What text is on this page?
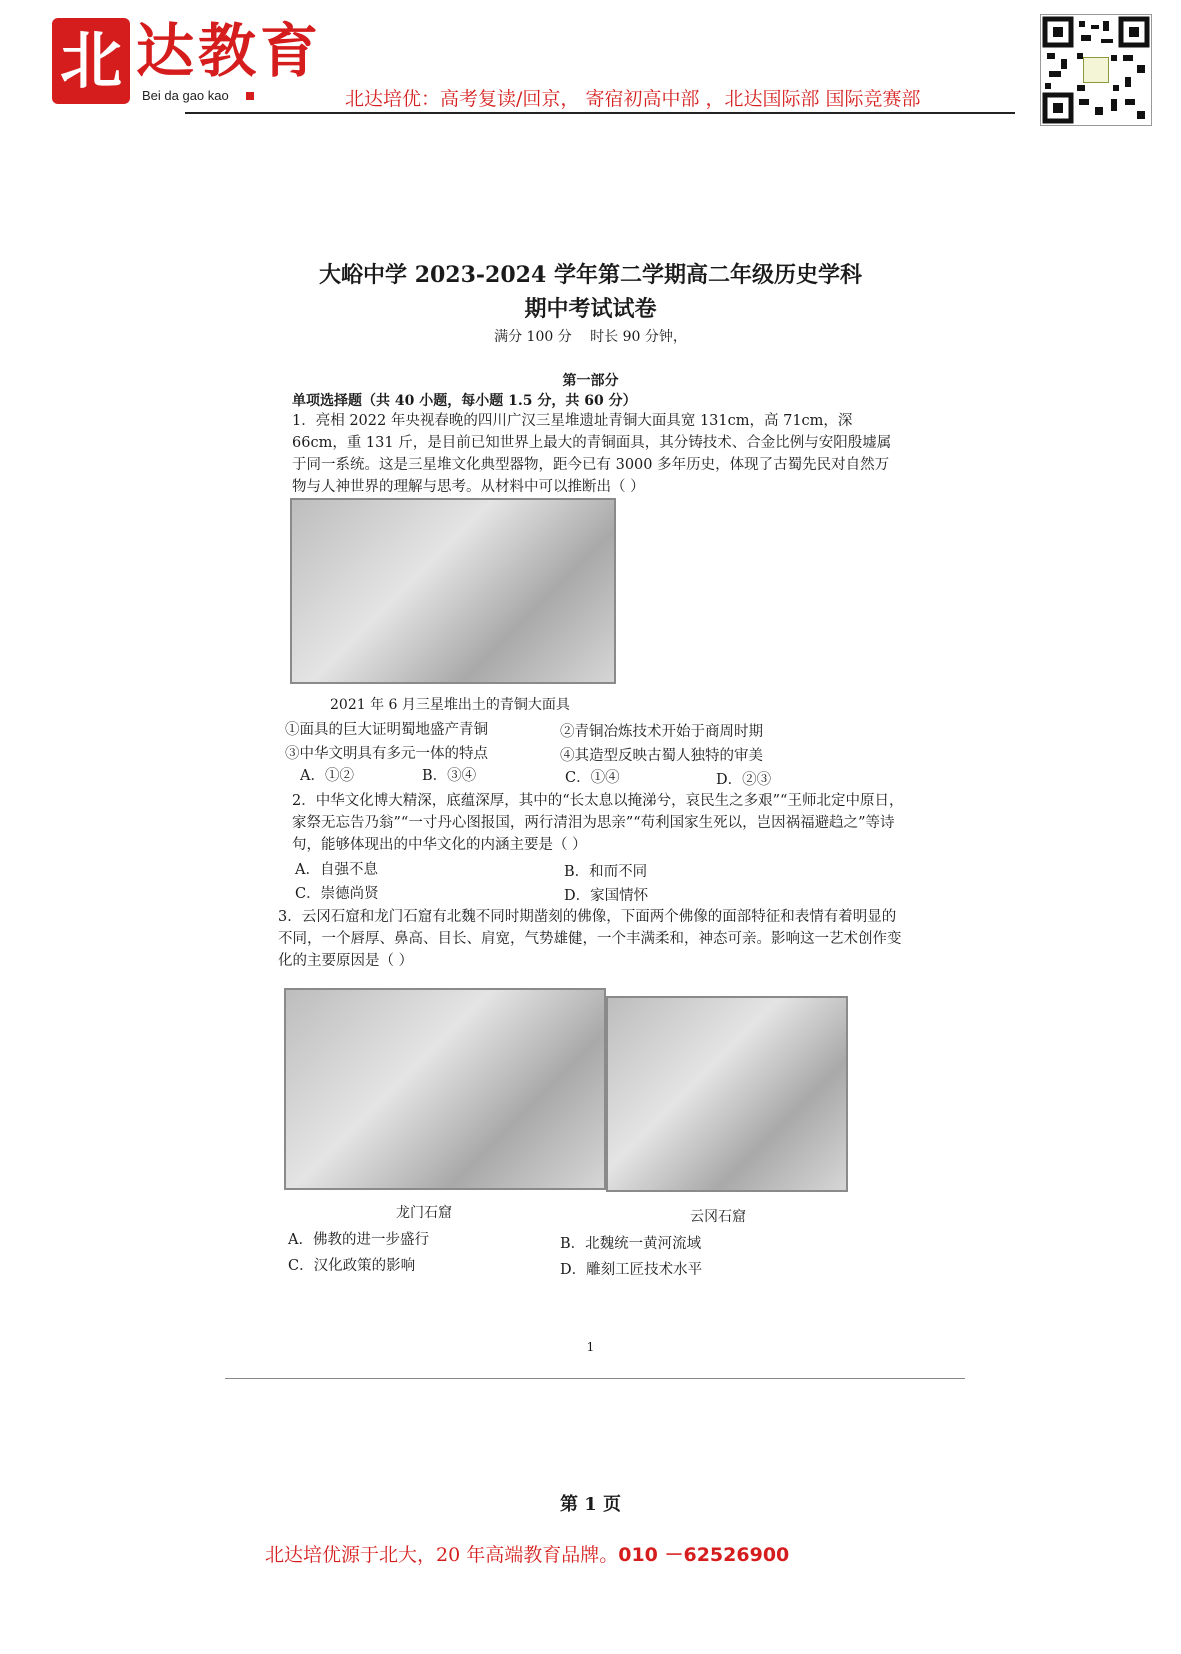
北 达教育
Bei da gao kao	北达培优：高考复读/回京， 寄宿初高中部 ，北达国际部 国际竞赛部
大峪中学 2023-2024 学年第二学期高二年级历史学科
期中考试试卷
满分 100 分　 时长 90 分钟，
第一部分
单项选择题（共 40 小题，每小题 1.5 分，共 60 分）
1．亮相 2022 年央视春晚的四川广汉三星堆遗址青铜大面具宽 131cm，高 71cm，深 66cm，重 131 斤，是目前已知世界上最大的青铜面具，其分铸技术、合金比例与安阳殷墟属于同一系统。这是三星堆文化典型器物，距今已有 3000 多年历史，体现了古蜀先民对自然万物与人神世界的理解与思考。从材料中可以推断出（ ）
2021 年 6 月三星堆出土的青铜大面具
①面具的巨大证明蜀地盛产青铜	②青铜冶炼技术开始于商周时期
③中华文明具有多元一体的特点	④其造型反映古蜀人独特的审美
A．①②	B．③④	C．①④	D．②③
2．中华文化博大精深，底蕴深厚，其中的“长太息以掩涕兮，哀民生之多艰”“王师北定中原日，家祭无忘告乃翁”“一寸丹心图报国，两行清泪为思亲”“苟利国家生死以，岂因祸福避趋之”等诗句，能够体现出的中华文化的内涵主要是（ ）
A．自强不息	B．和而不同
C．崇德尚贤	D．家国情怀
3．云冈石窟和龙门石窟有北魏不同时期凿刻的佛像，下面两个佛像的面部特征和表情有着明显的不同，一个唇厚、鼻高、目长、肩宽，气势雄健，一个丰满柔和，神态可亲。影响这一艺术创作变化的主要原因是（ ）
龙门石窟	云冈石窟
A．佛教的进一步盛行	B．北魏统一黄河流域
C．汉化政策的影响	D．雕刻工匠技术水平
1
第 1 页
北达培优源于北大，20 年高端教育品牌。010 －62526900
